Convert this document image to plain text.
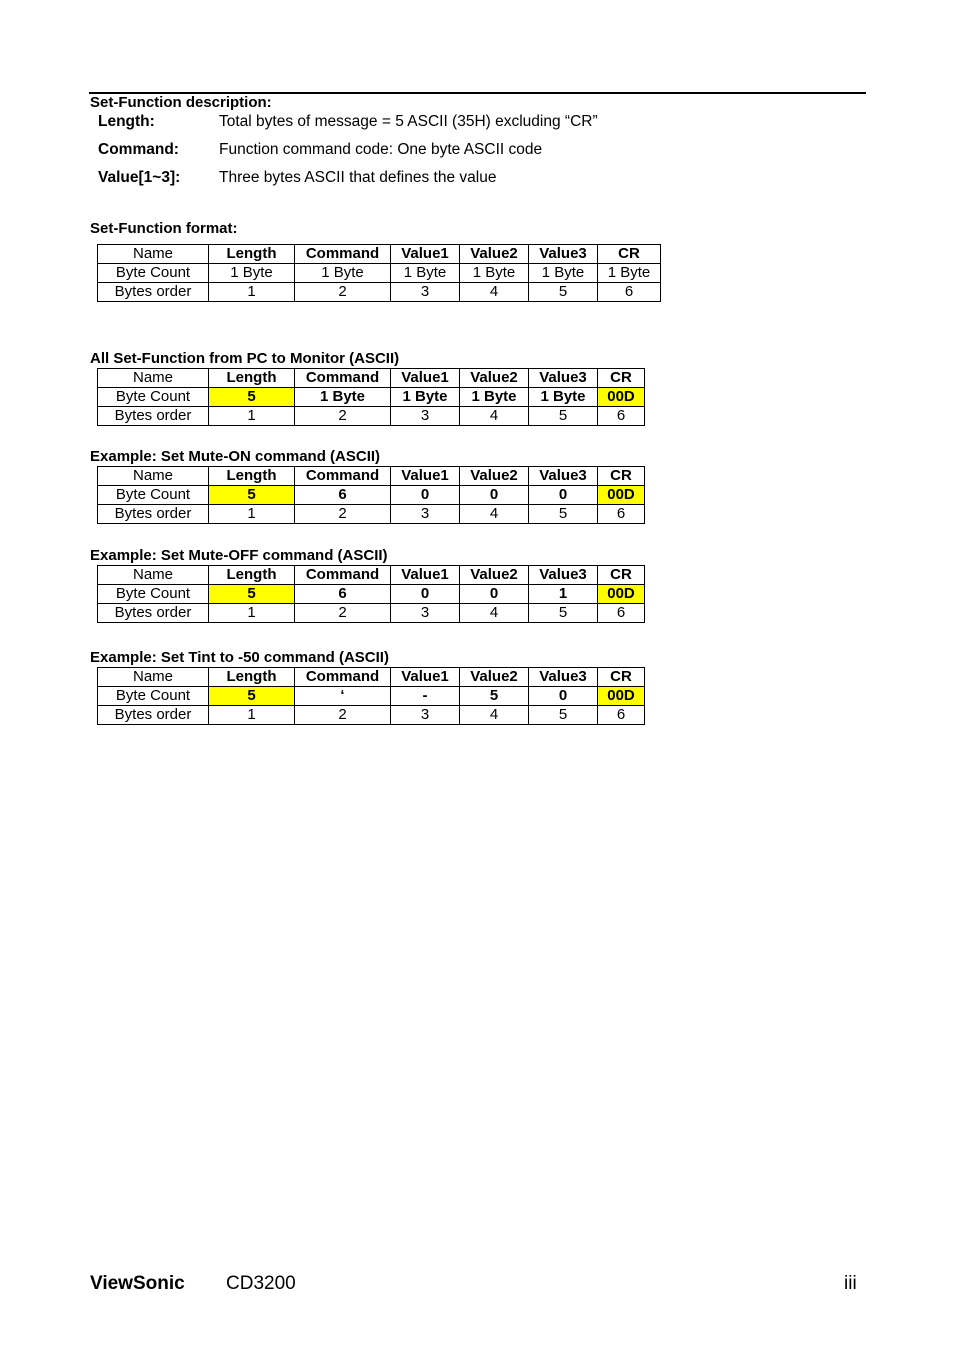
Set-Function description:
Length:	Total bytes of message = 5 ASCII (35H) excluding “CR”
Command:	Function command code: One byte ASCII code
Value[1~3]: Three bytes ASCII that defines the value
Set-Function format:
Name	Length	Command	Value1	Value2	Value3	CR
Byte Count	1 Byte	1 Byte	1 Byte	1 Byte	1 Byte	1 Byte
Bytes order	1	2	3	4	5	6
All Set-Function from PC to Monitor (ASCII)
Name	Length	Command	Value1	Value2	Value3	CR
Byte Count	5	1 Byte	1 Byte	1 Byte	1 Byte	00D
Bytes order	1	2	3	4	5	6
Example: Set Mute-ON command (ASCII)
Name	Length	Command	Value1	Value2	Value3	CR
Byte Count	5	6	0	0	0	00D
Bytes order	1	2	3	4	5	6
Example: Set Mute-OFF command (ASCII)
Name	Length	Command	Value1	Value2	Value3	CR
Byte Count	5	6	0	0	1	00D
Bytes order	1	2	3	4	5	6
Example: Set Tint to -50 command (ASCII)
Name	Length	Command	Value1	Value2	Value3	CR
Byte Count	5	‘	-	5	0	00D
Bytes order	1	2	3	4	5	6
ViewSonic CD3200	iii
